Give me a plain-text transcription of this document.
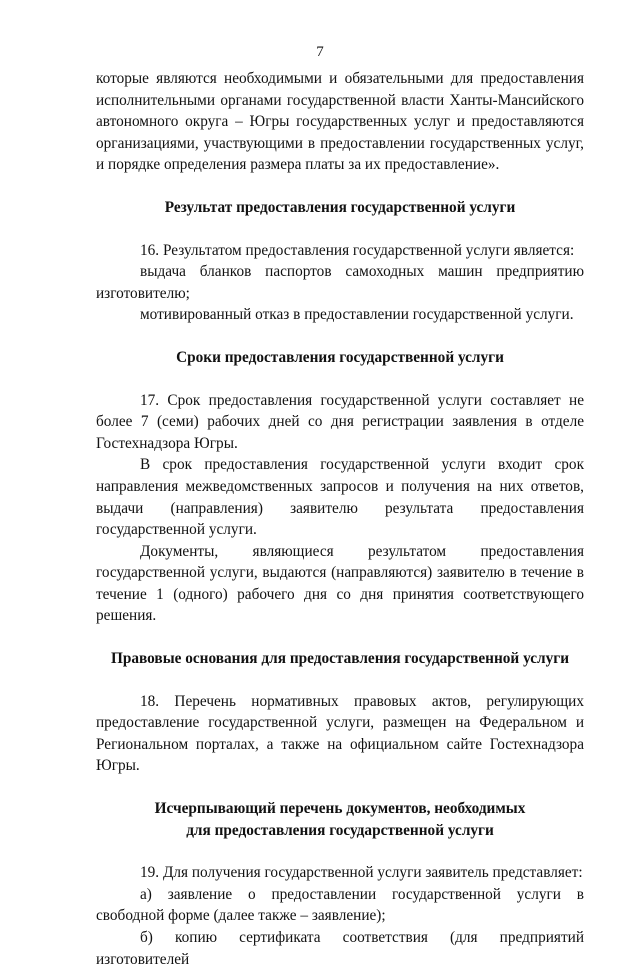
7

которые являются необходимыми и обязательными для предоставления исполнительными органами государственной власти Ханты-Мансийского автономного округа – Югры государственных услуг и предоставляются организациями, участвующими в предоставлении государственных услуг, и порядке определения размера платы за их предоставление».

Результат предоставления государственной услуги

16. Результатом предоставления государственной услуги является:

выдача бланков паспортов самоходных машин предприятию изготовителю;

мотивированный отказ в предоставлении государственной услуги.

Сроки предоставления государственной услуги

17. Срок предоставления государственной услуги составляет не более 7 (семи) рабочих дней со дня регистрации заявления в отделе Гостехнадзора Югры.

В срок предоставления государственной услуги входит срок направления межведомственных запросов и получения на них ответов, выдачи (направления) заявителю результата предоставления государственной услуги.

Документы, являющиеся результатом предоставления государственной услуги, выдаются (направляются) заявителю в течение в течение 1 (одного) рабочего дня со дня принятия соответствующего решения.

Правовые основания для предоставления государственной услуги

18. Перечень нормативных правовых актов, регулирующих предоставление государственной услуги, размещен на Федеральном и Региональном порталах, а также на официальном сайте Гостехнадзора Югры.

Исчерпывающий перечень документов, необходимых

для предоставления государственной услуги

19. Для получения государственной услуги заявитель представляет:

а) заявление о предоставлении государственной услуги в свободной форме (далее также – заявление);

б) копию сертификата соответствия (для предприятий изготовителей
